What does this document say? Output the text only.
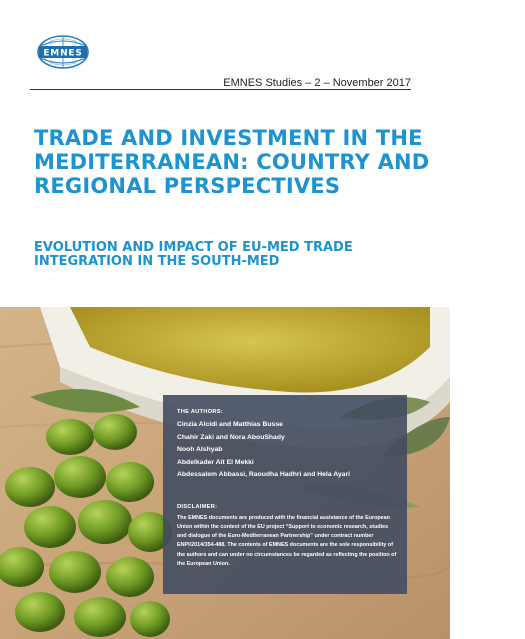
EMNES
EMNES Studies – 2 – November 2017
TRADE AND INVESTMENT IN THE MEDITERRANEAN: COUNTRY AND REGIONAL PERSPECTIVES
EVOLUTION AND IMPACT OF EU-MED TRADE INTEGRATION IN THE SOUTH-MED
THE AUTHORS:
Cinzia Alcidi and Matthias Busse
Chahir Zaki and Nora AbouShady
Nooh Alshyab
Abdelkader Aït El Mekki
Abdessalem Abbassi, Raoudha Hadhri and Hela Ayari
DISCLAIMER:
The EMNES documents are produced with the financial assistance of the European Union within the context of the EU project “Support to economic research, studies and dialogue of the Euro-Mediterranean Partnership” under contract number ENPI/2014/354-488. The contents of EMNES documents are the sole responsibility of the authors and can under no circumstances be regarded as reflecting the position of the European Union.
